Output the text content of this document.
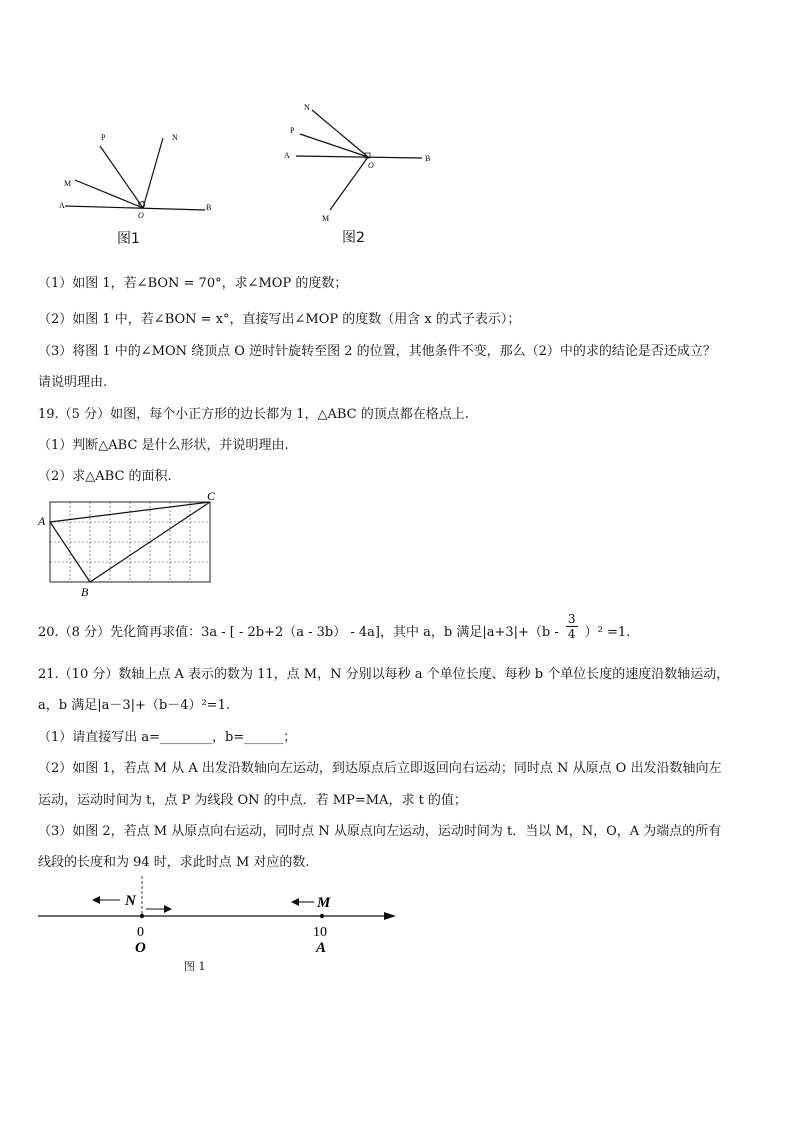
P	N
M
A
O
B
图1
N
P
A
O
B
M
图2
（1）如图 1，若∠BON = 70°，求∠MOP 的度数；
（2）如图 1 中，若∠BON = x°，直接写出∠MOP 的度数（用含 x 的式子表示）；
（3）将图 1 中的∠MON 绕顶点 O 逆时针旋转至图 2 的位置，其他条件不变，那么（2）中的求的结论是否还成立？
请说明理由.
19.（5 分）如图，每个小正方形的边长都为 1，△ABC 的顶点都在格点上.
（1）判断△ABC 是什么形状，并说明理由.
（2）求△ABC 的面积.
A
C
B
20.（8 分）先化简再求值：3a - [ - 2b+2（a - 3b） - 4a]，其中 a，b 满足$|a+3|+(b - \frac{3}{4} )^2 =1$.
21.（10 分）数轴上点 A 表示的数为 11，点 M，N 分别以每秒 a 个单位长度、每秒 b 个单位长度的速度沿数轴运动，
a，b 满足|a－3|+（b－4）²=1.
（1）请直接写出 a=________，b=______；
（2）如图 1，若点 M 从 A 出发沿数轴向左运动，到达原点后立即返回向右运动；同时点 N 从原点 O 出发沿数轴向左
运动，运动时间为 t，点 P 为线段 ON 的中点．若 MP=MA，求 t 的值；
（3）如图 2，若点 M 从原点向右运动，同时点 N 从原点向左运动，运动时间为 t．当以 M，N，O，A 为端点的所有
线段的长度和为 94 时，求此时点 M 对应的数.
N	M
0	10
O	A
图 1
